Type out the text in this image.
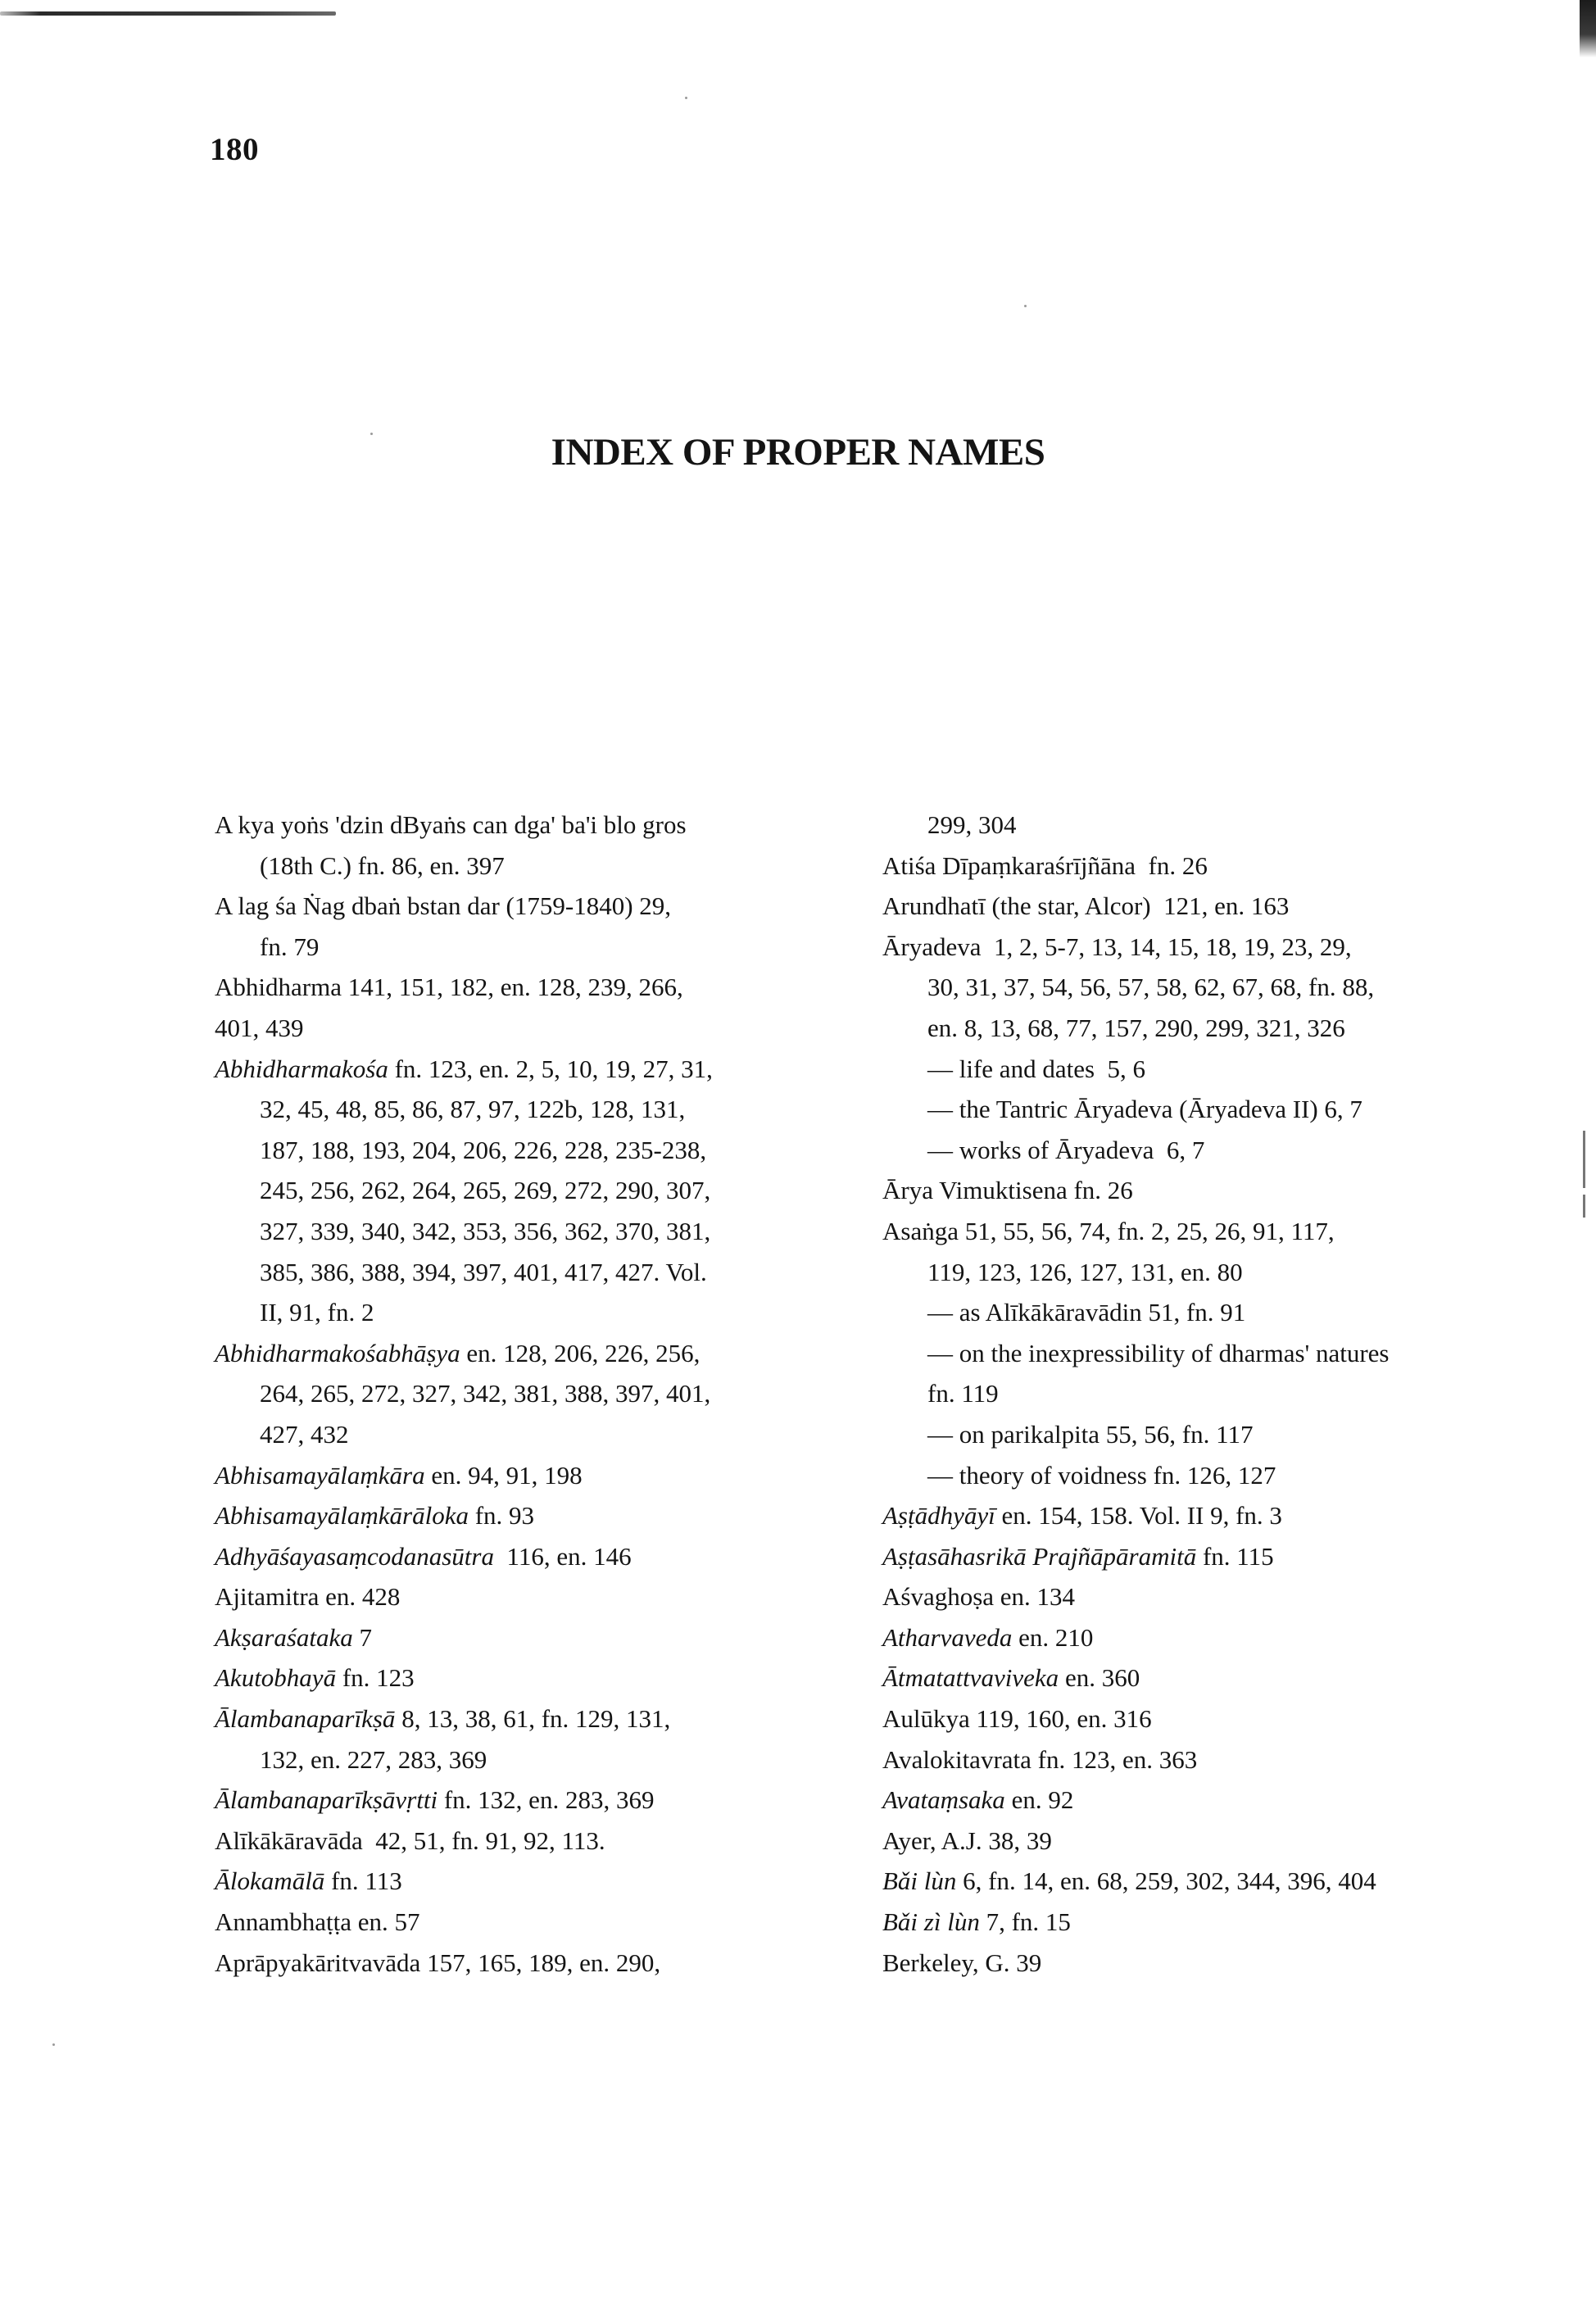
180
INDEX OF PROPER NAMES
A kya yoṅs 'dzin dByaṅs can dga' ba'i blo gros
(18th C.) fn. 86, en. 397
A lag śa Ṅag dbaṅ bstan dar (1759-1840) 29,
fn. 79
Abhidharma 141, 151, 182, en. 128, 239, 266,
401, 439
Abhidharmakośa fn. 123, en. 2, 5, 10, 19, 27, 31,
32, 45, 48, 85, 86, 87, 97, 122b, 128, 131,
187, 188, 193, 204, 206, 226, 228, 235-238,
245, 256, 262, 264, 265, 269, 272, 290, 307,
327, 339, 340, 342, 353, 356, 362, 370, 381,
385, 386, 388, 394, 397, 401, 417, 427. Vol.
II, 91, fn. 2
Abhidharmakośabhāṣya en. 128, 206, 226, 256,
264, 265, 272, 327, 342, 381, 388, 397, 401,
427, 432
Abhisamayālaṃkāra en. 94, 91, 198
Abhisamayālaṃkārāloka fn. 93
Adhyāśayasaṃcodanasūtra  116, en. 146
Ajitamitra en. 428
Akṣaraśataka 7
Akutobhayā fn. 123
Ālambanaparīkṣā 8, 13, 38, 61, fn. 129, 131,
132, en. 227, 283, 369
Ālambanaparīkṣāvṛtti fn. 132, en. 283, 369
Alīkākāravāda  42, 51, fn. 91, 92, 113.
Ālokamālā fn. 113
Annambhaṭṭa en. 57
Aprāpyakāritvavāda 157, 165, 189, en. 290,
299, 304
Atiśa Dīpaṃkaraśrījñāna  fn. 26
Arundhatī (the star, Alcor)  121, en. 163
Āryadeva  1, 2, 5-7, 13, 14, 15, 18, 19, 23, 29,
30, 31, 37, 54, 56, 57, 58, 62, 67, 68, fn. 88,
en. 8, 13, 68, 77, 157, 290, 299, 321, 326
— life and dates  5, 6
— the Tantric Āryadeva (Āryadeva II) 6, 7
— works of Āryadeva  6, 7
Ārya Vimuktisena fn. 26
Asaṅga 51, 55, 56, 74, fn. 2, 25, 26, 91, 117,
119, 123, 126, 127, 131, en. 80
— as Alīkākāravādin 51, fn. 91
— on the inexpressibility of dharmas' natures
fn. 119
— on parikalpita 55, 56, fn. 117
— theory of voidness fn. 126, 127
Aṣṭādhyāyī en. 154, 158. Vol. II 9, fn. 3
Aṣṭasāhasrikā Prajñāpāramitā fn. 115
Aśvaghoṣa en. 134
Atharvaveda en. 210
Ātmatattvaviveka en. 360
Aulūkya 119, 160, en. 316
Avalokitavrata fn. 123, en. 363
Avataṃsaka en. 92
Ayer, A.J. 38, 39
Bǎi lùn 6, fn. 14, en. 68, 259, 302, 344, 396, 404
Bǎi zì lùn 7, fn. 15
Berkeley, G. 39
